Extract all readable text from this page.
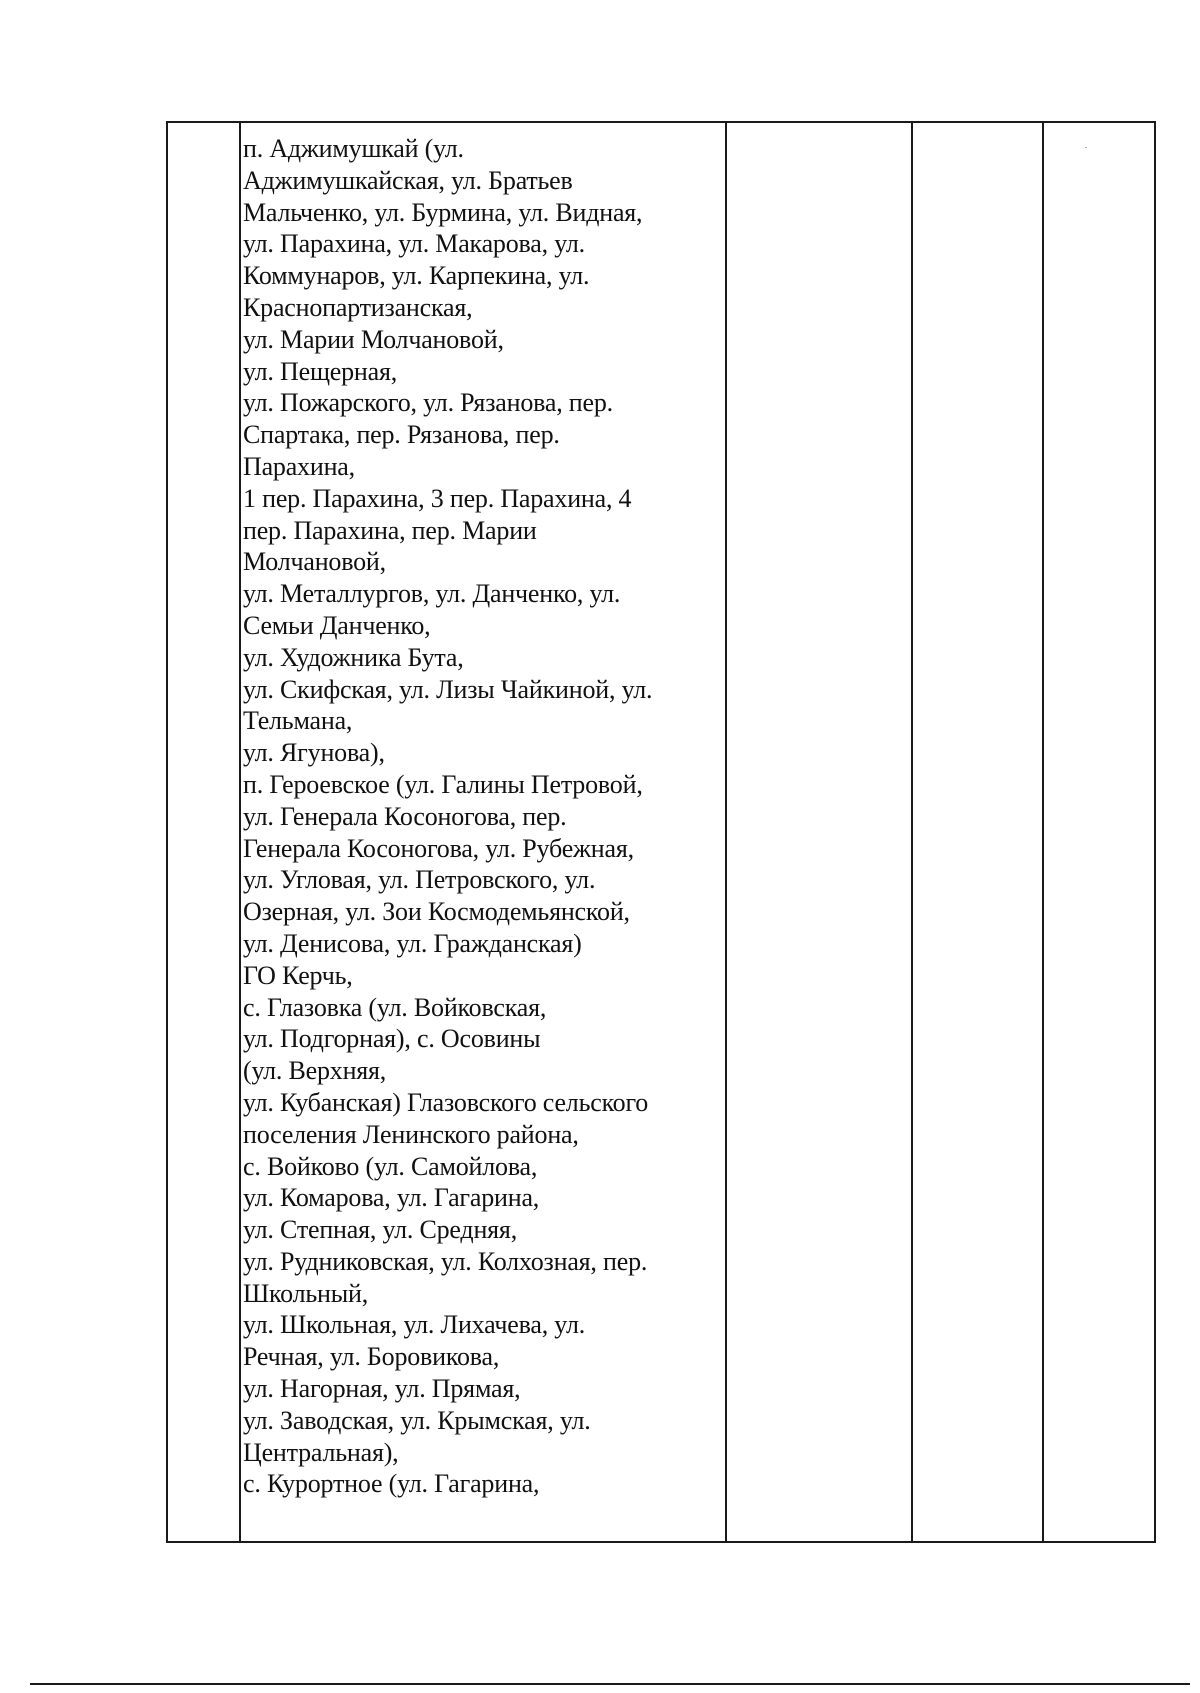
п. Аджимушкай (ул.
Аджимушкайская, ул. Братьев
Мальченко, ул. Бурмина, ул. Видная,
ул. Парахина, ул. Макарова, ул.
Коммунаров, ул. Карпекина, ул.
Краснопартизанская,
ул. Марии Молчановой,
ул. Пещерная,
ул. Пожарского, ул. Рязанова, пер.
Спартака, пер. Рязанова, пер.
Парахина,
1 пер. Парахина, 3 пер. Парахина, 4
пер. Парахина, пер. Марии
Молчановой,
ул. Металлургов, ул. Данченко, ул.
Семьи Данченко,
ул. Художника Бута,
ул. Скифская, ул. Лизы Чайкиной, ул.
Тельмана,
ул. Ягунова),
п. Героевское (ул. Галины Петровой,
ул. Генерала Косоногова, пер.
Генерала Косоногова, ул. Рубежная,
ул. Угловая, ул. Петровского, ул.
Озерная, ул. Зои Космодемьянской,
ул. Денисова, ул. Гражданская)
ГО Керчь,
с. Глазовка (ул. Войковская,
ул. Подгорная), с. Осовины
(ул. Верхняя,
ул. Кубанская) Глазовского сельского
поселения Ленинского района,
с. Войково (ул. Самойлова,
ул. Комарова, ул. Гагарина,
ул. Степная, ул. Средняя,
ул. Рудниковская, ул. Колхозная, пер.
Школьный,
ул. Школьная, ул. Лихачева, ул.
Речная, ул. Боровикова,
ул. Нагорная, ул. Прямая,
ул. Заводская, ул. Крымская, ул.
Центральная),
с. Курортное (ул. Гагарина,
